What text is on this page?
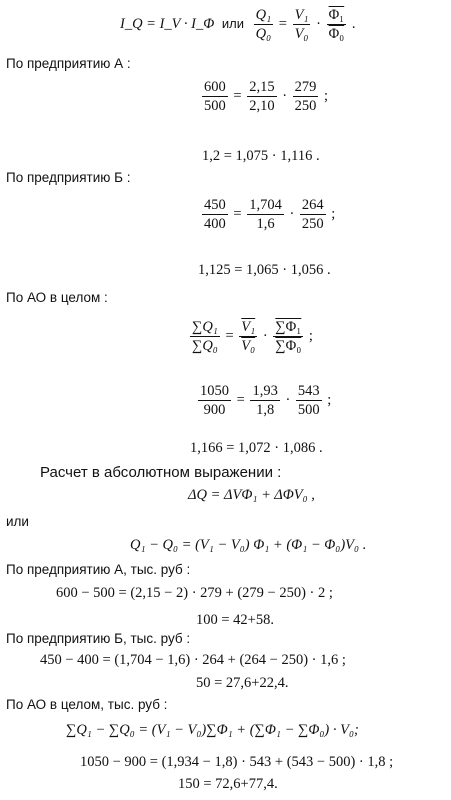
I_Q = I_V · I_Φ или $\frac{\text{Q₁}}{\text{Q₀}} = \frac{\text{V₁}}{\text{V₀}} \cdot \frac{\text{Φ₁}}{\text{Φ₀}}$ .
По предприятию А :
$\frac{600}{500} = \frac{2,15}{2,10} \cdot \frac{279}{250}$ ;
1,2 = 1,075 · 1,116 .
По предприятию Б :
$\frac{450}{400} = \frac{1,704}{1,6} \cdot \frac{264}{250}$ ;
1,125 = 1,065 · 1,056 .
По АО в целом :
$\frac{\text{∑Q₁}}{\text{∑Q₀}} = \frac{\text{V₁}}{\text{V₀}} \cdot \frac{\text{∑Φ₁}}{\text{∑Φ₀}}$ ;
$\frac{1050}{900} = \frac{1,93}{1,8} \cdot \frac{543}{500}$ ;
1,166 = 1,072 · 1,086 .
Расчет в абсолютном выражении :
ΔQ = ΔVΦ₁ + ΔΦV₀ ,
или
Q₁ − Q₀ = (V₁ − V₀) Φ₁ + (Φ₁ − Φ₀)V₀ .
По предприятию А, тыс. руб :
600 − 500 = (2,15 − 2) · 279 + (279 − 250) · 2 ;
100 = 42+58.
По предприятию Б, тыс. руб :
450 − 400 = (1,704 − 1,6) · 264 + (264 − 250) · 1,6 ;
50 = 27,6+22,4.
По АО в целом, тыс. руб :
∑Q₁ − ∑Q₀ = (V₁ − V₀)∑Φ₁ + (∑Φ₁ − ∑Φ₀) · V₀;
1050 − 900 = (1,934 − 1,8) · 543 + (543 − 500) · 1,8 ;
150 = 72,6+77,4.
